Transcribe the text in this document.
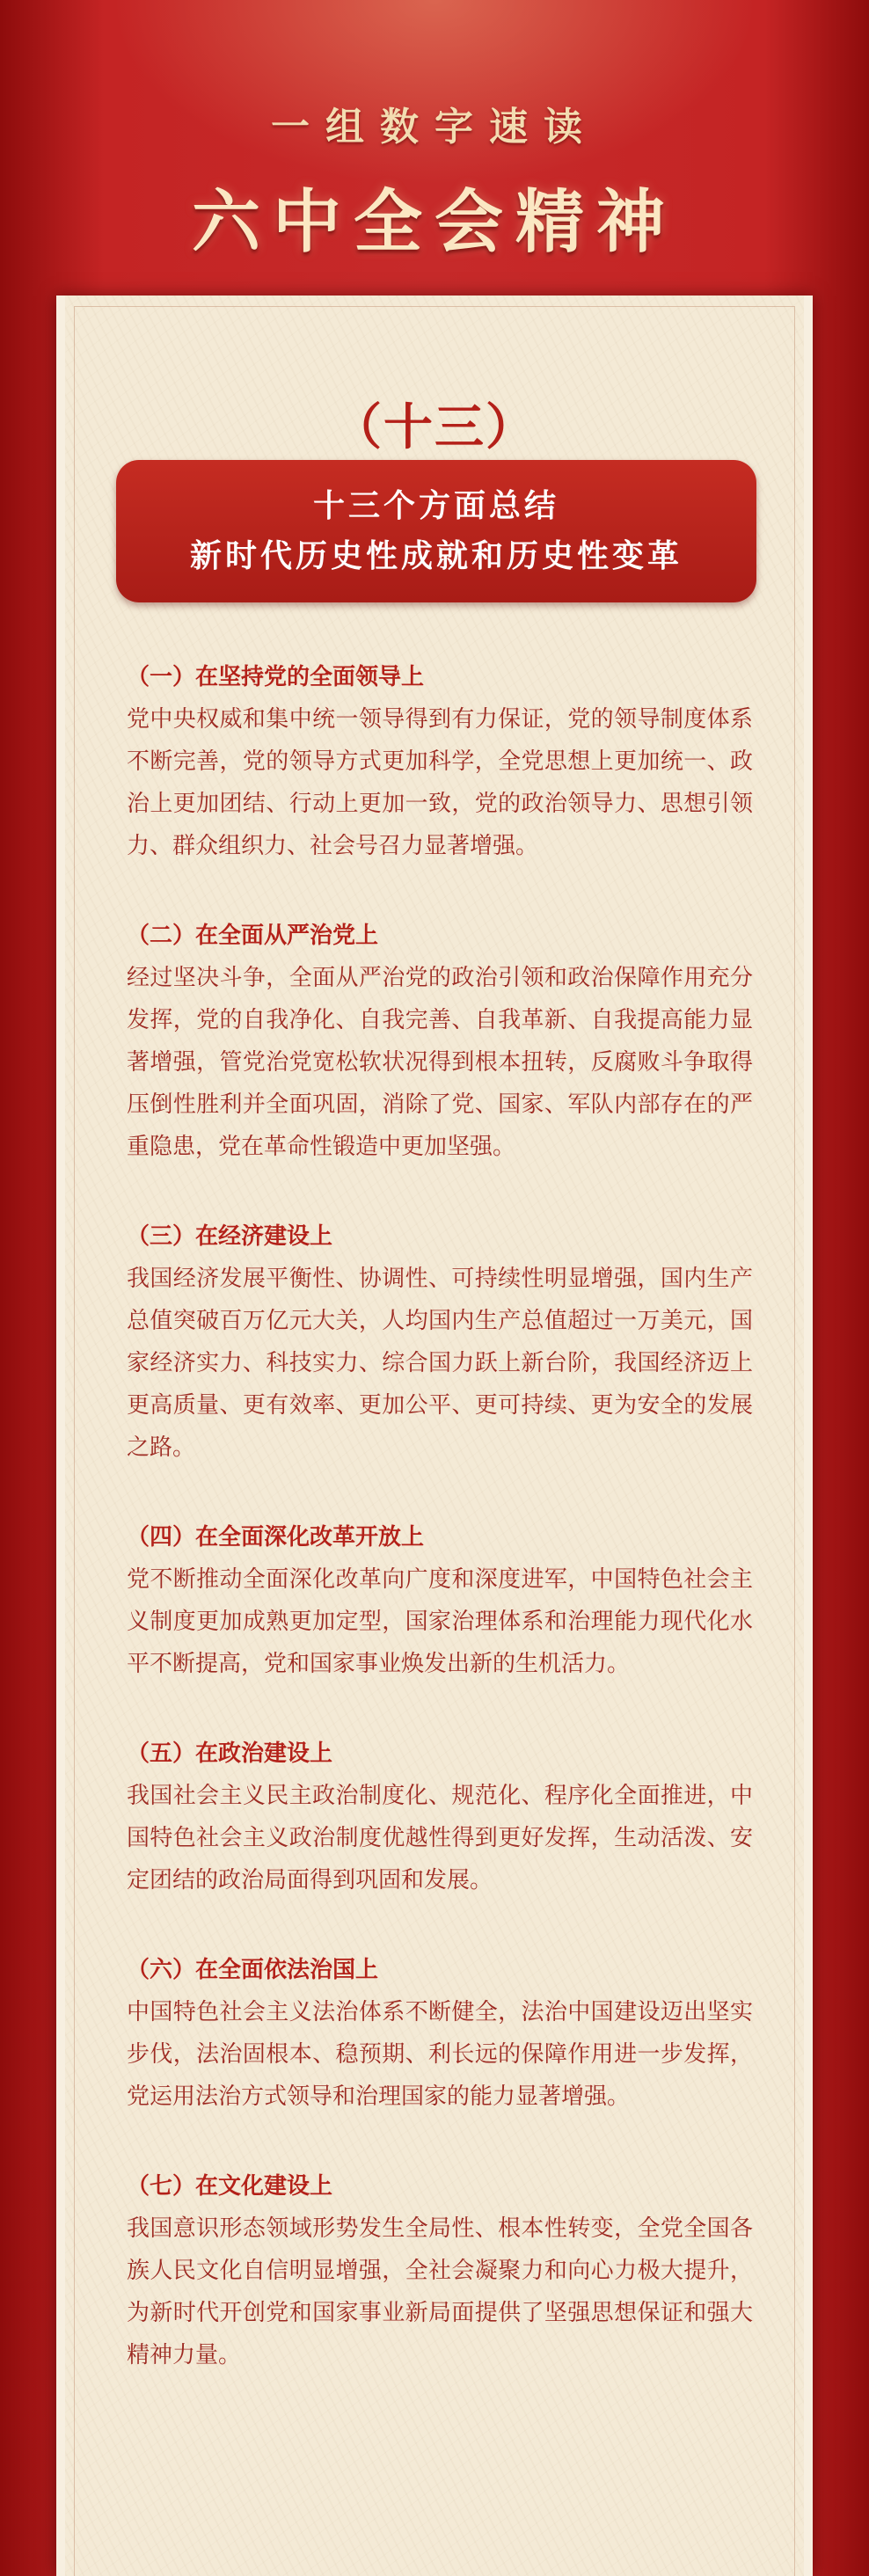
一组数字速读
六中全会精神
（十三）
十三个方面总结
新时代历史性成就和历史性变革
（一）在坚持党的全面领导上
党中央权威和集中统一领导得到有力保证，党的领导制度体系不断完善，党的领导方式更加科学，全党思想上更加统一、政治上更加团结、行动上更加一致，党的政治领导力、思想引领力、群众组织力、社会号召力显著增强。
（二）在全面从严治党上
经过坚决斗争，全面从严治党的政治引领和政治保障作用充分发挥，党的自我净化、自我完善、自我革新、自我提高能力显著增强，管党治党宽松软状况得到根本扭转，反腐败斗争取得压倒性胜利并全面巩固，消除了党、国家、军队内部存在的严重隐患，党在革命性锻造中更加坚强。
（三）在经济建设上
我国经济发展平衡性、协调性、可持续性明显增强，国内生产总值突破百万亿元大关，人均国内生产总值超过一万美元，国家经济实力、科技实力、综合国力跃上新台阶，我国经济迈上更高质量、更有效率、更加公平、更可持续、更为安全的发展之路。
（四）在全面深化改革开放上
党不断推动全面深化改革向广度和深度进军，中国特色社会主义制度更加成熟更加定型，国家治理体系和治理能力现代化水平不断提高，党和国家事业焕发出新的生机活力。
（五）在政治建设上
我国社会主义民主政治制度化、规范化、程序化全面推进，中国特色社会主义政治制度优越性得到更好发挥，生动活泼、安定团结的政治局面得到巩固和发展。
（六）在全面依法治国上
中国特色社会主义法治体系不断健全，法治中国建设迈出坚实步伐，法治固根本、稳预期、利长远的保障作用进一步发挥，党运用法治方式领导和治理国家的能力显著增强。
（七）在文化建设上
我国意识形态领域形势发生全局性、根本性转变，全党全国各族人民文化自信明显增强，全社会凝聚力和向心力极大提升，为新时代开创党和国家事业新局面提供了坚强思想保证和强大精神力量。
